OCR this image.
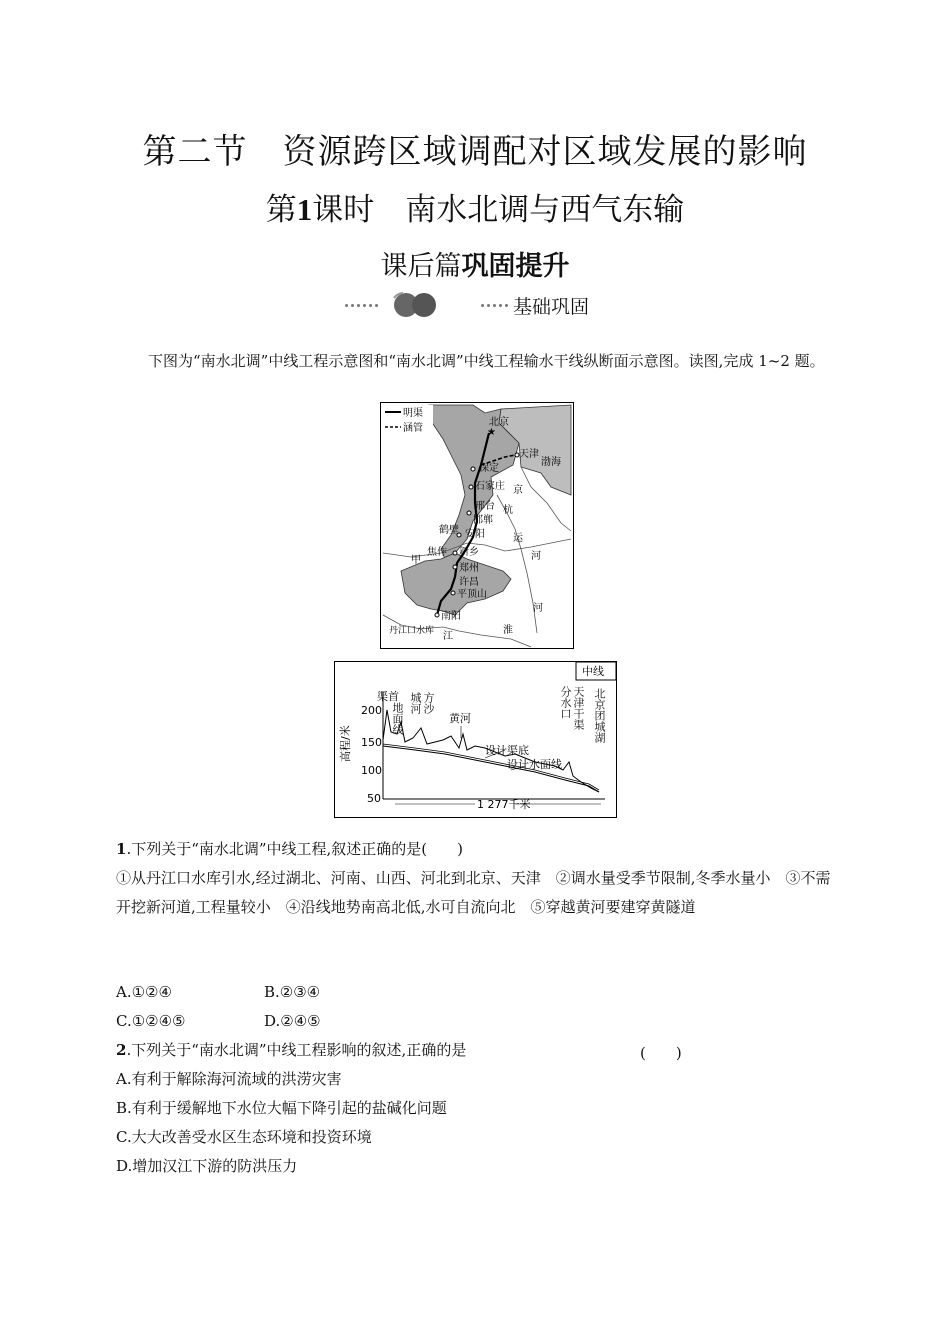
第二节　资源跨区域调配对区域发展的影响
第1课时　南水北调与西气东输
课后篇巩固提升
基础巩固
下图为“南水北调”中线工程示意图和“南水北调”中线工程输水干线纵断面示意图。读图,完成 1~2 题。
明渠
涵管	★
北京
天津
渤海
保定
石家庄
邢台
邯郸
安阳
鹤壁
焦作 新乡
郑州
许昌
平顶山
南阳
丹江口水库 江
甲
京
杭
运
河
河
淮
中线
高程/米
200
150
100
50	1 277千米
渠首
地面线	方沙城河
黄河	天津干渠分水口	北京团城湖
设计渠底
设计水面线
1.下列关于“南水北调”中线工程,叙述正确的是(　　)
①从丹江口水库引水,经过湖北、河南、山西、河北到北京、天津　②调水量受季节限制,冬季水量小　③不需开挖新河道,工程量较小　④沿线地势南高北低,水可自流向北　⑤穿越黄河要建穿黄隧道
A.①②④	B.②③④
C.①②④⑤	D.②④⑤
2.下列关于“南水北调”中线工程影响的叙述,正确的是
A.有利于解除海河流域的洪涝灾害
B.有利于缓解地下水位大幅下降引起的盐碱化问题
C.大大改善受水区生态环境和投资环境
D.增加汉江下游的防洪压力
(　　)
